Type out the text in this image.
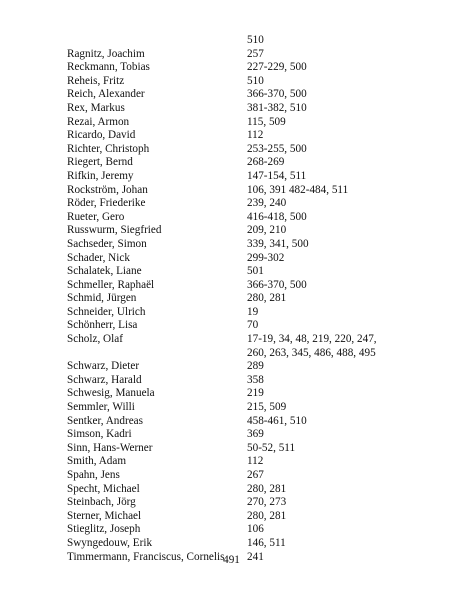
510
Ragnitz, Joachim	257
Reckmann, Tobias	227-229, 500
Reheis, Fritz	510
Reich, Alexander	366-370, 500
Rex, Markus	381-382, 510
Rezai, Armon	115, 509
Ricardo, David	112
Richter, Christoph	253-255, 500
Riegert, Bernd	268-269
Rifkin, Jeremy	147-154, 511
Rockström, Johan	106, 391 482-484, 511
Röder, Friederike	239, 240
Rueter, Gero	416-418, 500
Russwurm, Siegfried	209, 210
Sachseder, Simon	339, 341, 500
Schader, Nick	299-302
Schalatek, Liane	501
Schmeller, Raphaël	366-370, 500
Schmid, Jürgen	280, 281
Schneider, Ulrich	19
Schönherr, Lisa	70
Scholz, Olaf	17-19, 34, 48, 219, 220, 247,
260, 263, 345, 486, 488, 495
Schwarz, Dieter	289
Schwarz, Harald	358
Schwesig, Manuela	219
Semmler, Willi	215, 509
Sentker, Andreas	458-461, 510
Simson, Kadri	369
Sinn, Hans-Werner	50-52, 511
Smith, Adam	112
Spahn, Jens	267
Specht, Michael	280, 281
Steinbach, Jörg	270, 273
Sterner, Michael	280, 281
Stieglitz, Joseph	106
Swyngedouw, Erik	146, 511
Timmermann, Franciscus, Cornelis	241
491
